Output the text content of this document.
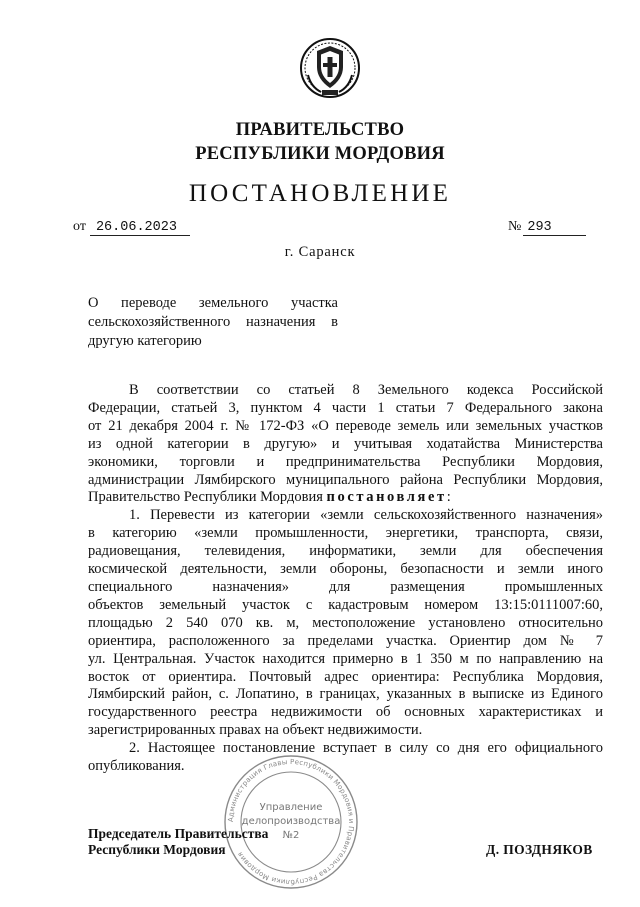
ПРАВИТЕЛЬСТВО
РЕСПУБЛИКИ МОРДОВИЯ
ПОСТАНОВЛЕНИЕ
от 26.06.2023	№ 293
г. Саранск
О переводе земельного участка
сельскохозяйственного назначения в
другую категорию
В соответствии со статьей 8 Земельного кодекса Российской
Федерации, статьей 3, пунктом 4 части 1 статьи 7 Федерального закона
от 21 декабря 2004 г. № 172-ФЗ «О переводе земель или земельных участков
из одной категории в другую» и учитывая ходатайства Министерства
экономики, торговли и предпринимательства Республики Мордовия,
администрации Лямбирского муниципального района Республики Мордовия,
Правительство Республики Мордовия постановляет:
1. Перевести из категории «земли сельскохозяйственного назначения»
в категорию «земли промышленности, энергетики, транспорта, связи,
радиовещания, телевидения, информатики, земли для обеспечения
космической деятельности, земли обороны, безопасности и земли иного
специального назначения» для размещения промышленных
объектов земельный участок с кадастровым номером 13:15:0111007:60,
площадью 2 540 070 кв. м, местоположение установлено относительно
ориентира, расположенного за пределами участка. Ориентир дом № 7
ул. Центральная. Участок находится примерно в 1 350 м по направлению на
восток от ориентира. Почтовый адрес ориентира: Республика Мордовия,
Лямбирский район, с. Лопатино, в границах, указанных в выписке из Единого
государственного реестра недвижимости об основных характеристиках и
зарегистрированных правах на объект недвижимости.
2. Настоящее постановление вступает в силу со дня его официального
опубликования.
Администрация Главы Республики Мордовия и Правительства Республики Мордовия
Управление
делопроизводства
№2
Председатель Правительства
Республики Мордовия	Д. ПОЗДНЯКОВ
